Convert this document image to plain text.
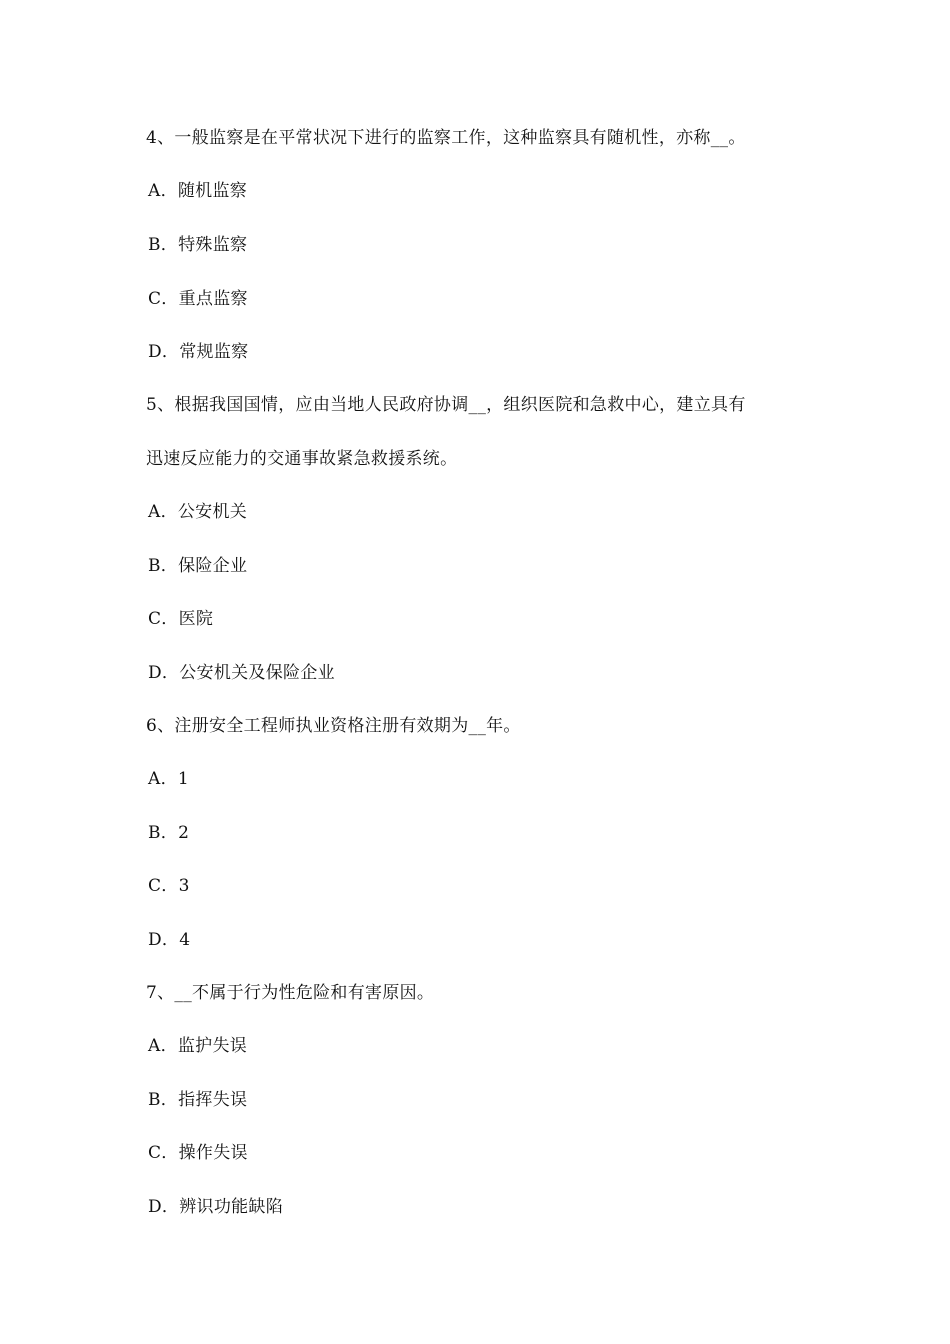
4、一般监察是在平常状况下进行的监察工作，这种监察具有随机性，亦称__。
A．随机监察
B．特殊监察
C．重点监察
D．常规监察
5、根据我国国情，应由当地人民政府协调__，组织医院和急救中心，建立具有
迅速反应能力的交通事故紧急救援系统。
A．公安机关
B．保险企业
C．医院
D．公安机关及保险企业
6、注册安全工程师执业资格注册有效期为__年。
A．1
B．2
C．3
D．4
7、__不属于行为性危险和有害原因。
A．监护失误
B．指挥失误
C．操作失误
D．辨识功能缺陷
